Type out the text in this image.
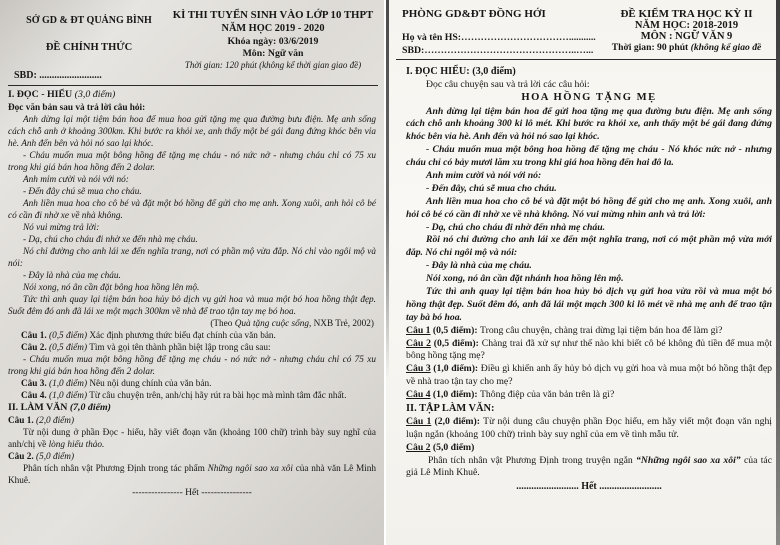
SỞ GD & ĐT QUẢNG BÌNH
ĐỀ CHÍNH THỨC
SBD: .........................
KÌ THI TUYỂN SINH VÀO LỚP 10 THPT
NĂM HỌC 2019 - 2020
Khóa ngày: 03/6/2019
Môn: Ngữ văn
Thời gian: 120 phút (không kể thời gian giao đề)

I. ĐỌC - HIỂU (3,0 điểm)

Đọc văn bản sau và trả lời câu hỏi:

Anh dừng lại một tiệm bán hoa để mua hoa gửi tặng mẹ qua đường bưu điện. Mẹ anh sống cách chỗ anh ở khoảng 300km. Khi bước ra khỏi xe, anh thấy một bé gái đang đứng khóc bên vỉa hè. Anh đến bên và hỏi nó sao lại khóc.

- Cháu muốn mua một bông hồng để tặng mẹ cháu - nó nức nở - nhưng cháu chỉ có 75 xu trong khi giá bán hoa hồng đến 2 dolar.

Anh mỉm cười và nói với nó:

- Đến đây chú sẽ mua cho cháu.

Anh liền mua hoa cho cô bé và đặt một bó hồng để gửi cho mẹ anh. Xong xuôi, anh hỏi cô bé có cần đi nhờ xe về nhà không.

Nó vui mừng trả lời:

- Dạ, chú cho cháu đi nhờ xe đến nhà mẹ cháu.

Nó chỉ đường cho anh lái xe đến nghĩa trang, nơi có phần mộ vừa đắp. Nó chỉ vào ngôi mộ và nói:

- Đây là nhà của mẹ cháu.

Nói xong, nó ân cần đặt bông hoa hồng lên mộ.

Tức thì anh quay lại tiệm bán hoa hủy bỏ dịch vụ gửi hoa và mua một bó hoa hồng thật đẹp. Suốt đêm đó anh đã lái xe một mạch 300km về nhà để trao tận tay mẹ bó hoa.

(Theo Quà tặng cuộc sống, NXB Trẻ, 2002)

Câu 1. (0,5 điểm) Xác định phương thức biểu đạt chính của văn bản.

Câu 2. (0,5 điểm) Tìm và gọi tên thành phần biệt lập trong câu sau:

- Cháu muốn mua một bông hồng để tặng mẹ cháu - nó nức nở - nhưng cháu chỉ có 75 xu trong khi giá bán hoa hồng đến 2 dolar.

Câu 3. (1,0 điểm) Nêu nội dung chính của văn bản.

Câu 4. (1,0 điểm) Từ câu chuyện trên, anh/chị hãy rút ra bài học mà mình tâm đắc nhất.

II. LÀM VĂN (7,0 điểm)

Câu 1. (2,0 điểm)

Từ nội dung ở phần Đọc - hiểu, hãy viết đoạn văn (khoảng 100 chữ) trình bày suy nghĩ của anh/chị về lòng hiếu thảo.

Câu 2. (5,0 điểm)

Phân tích nhân vật Phương Định trong tác phẩm Những ngôi sao xa xôi của nhà văn Lê Minh Khuê.

---------------- Hết ----------------

PHÒNG GD&ĐT ĐỒNG HỚI
Họ và tên HS:……………………………...........
SBD:………………………………………..…...
ĐỀ KIỂM TRA HỌC KỲ II
NĂM HỌC: 2018-2019
MÔN : NGỮ VĂN 9
Thời gian: 90 phút (không kể giao đề

I. ĐỌC HIỂU: (3,0 điểm)

Đọc câu chuyện sau và trả lời các câu hỏi:

HOA HỒNG TẶNG MẸ

Anh dừng lại tiệm bán hoa để gửi hoa tặng mẹ qua đường bưu điện. Mẹ anh sống cách chỗ anh khoảng 300 ki lô mét. Khi bước ra khỏi xe, anh thấy một bé gái đang đứng khóc bên vỉa hè. Anh đến và hỏi nó sao lại khóc.

- Cháu muốn mua một bông hoa hồng để tặng mẹ cháu - Nó khóc nức nở - nhưng cháu chỉ có bảy mươi lăm xu trong khi giá hoa hồng đến hai đô la.

Anh mỉm cười và nói với nó:

- Đến đây, chú sẽ mua cho cháu.

Anh liền mua hoa cho cô bé và đặt một bó hồng để gửi cho mẹ anh. Xong xuôi, anh hỏi cô bé có cần đi nhờ xe về nhà không. Nó vui mừng nhìn anh và trả lời:

- Dạ, chú cho cháu đi nhờ đến nhà mẹ cháu.

Rồi nó chỉ đường cho anh lái xe đến một nghĩa trang, nơi có một phần mộ vừa mới đắp. Nó chỉ ngôi mộ và nói:

- Đây là nhà của mẹ cháu.

Nói xong, nó ân cần đặt nhánh hoa hồng lên mộ.

Tức thì anh quay lại tiệm bán hoa hủy bỏ dịch vụ gửi hoa vừa rồi và mua một bó hồng thật đẹp. Suốt đêm đó, anh đã lái một mạch 300 ki lô mét về nhà mẹ anh để trao tận tay bà bó hoa.

Câu 1 (0,5 điểm): Trong câu chuyện, chàng trai dừng lại tiệm bán hoa để làm gì?

Câu 2 (0,5 điểm): Chàng trai đã xử sự như thế nào khi biết cô bé không đủ tiền để mua một bông hồng tặng mẹ?

Câu 3 (1,0 điểm): Điều gì khiến anh ấy hủy bỏ dịch vụ gửi hoa và mua một bó hồng thật đẹp về nhà trao tận tay cho mẹ?

Câu 4 (1,0 điểm): Thông điệp của văn bản trên là gì?

II. TẬP LÀM VĂN:

Câu 1 (2,0 điểm): Từ nội dung câu chuyện phần Đọc hiểu, em hãy viết một đoạn văn nghị luận ngắn (khoảng 100 chữ) trình bày suy nghĩ của em về tình mẫu tử.

Câu 2 (5,0 điểm)

Phân tích nhân vật Phương Định trong truyện ngắn “Những ngôi sao xa xôi” của tác giả Lê Minh Khuê.

......................... Hết .........................
